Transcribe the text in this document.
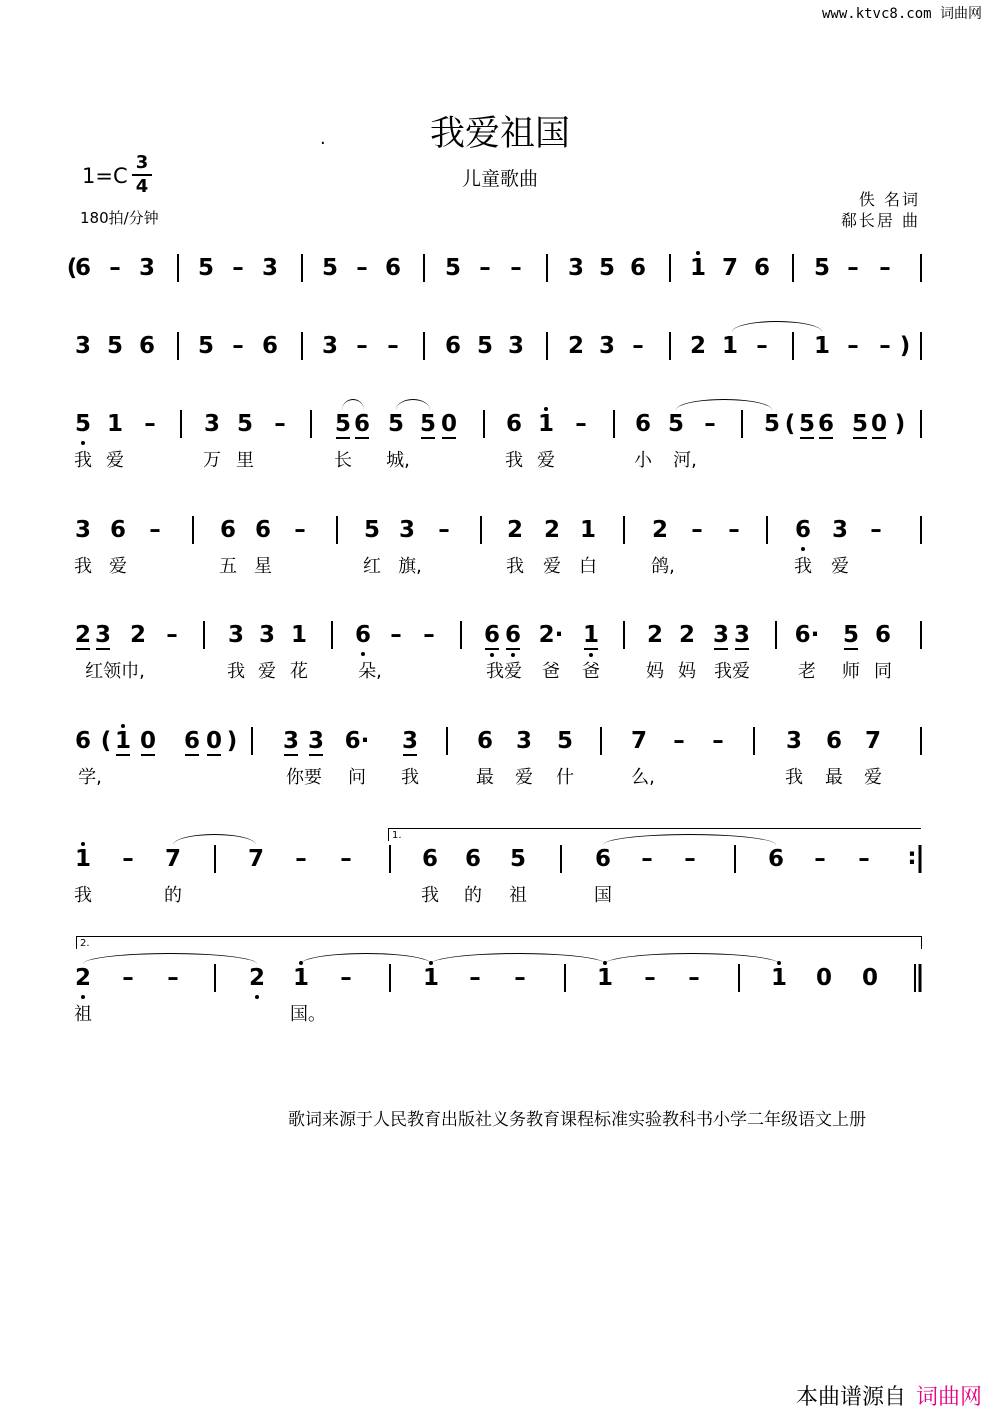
www.ktvc8.com 词曲网
.	我爱祖国
儿童歌曲
1=C
3
4
180拍/分钟
佚 名词
郗长居 曲
1.
2.
:
(
6 – 3 5 – 3 5 – 6 5 – – 3 5 6 1 7 6 5 – –
3 5 6 5 – 6 3 – – 6 5 3 2 3 – 2 1 – 1 – – )
5 1 – 3 5 – 5 6 5 5 0 6 1 – 6 5 – 5 ( 5 6 5 0 )
我 爱	万 里	长 城,	我 爱	小 河,
3 6 –	6 6 –	5 3 – 2 2 1 2 – – 6 3 –
我 爱	五 星	红 旗,	我 爱 白	鸽,	我 爱
2 3 2 – 3 3 1 6 – – 6 6 2· 1 2 2 3 3 6· 5 6
红领巾,	我 爱 花	朵,	我爱 爸 爸	妈 妈 我爱	老 师 同
6 ( 1 0 6 0 ) 3 3 6· 3	6 3 5	7 – –	3 6 7
学,	你要 问 我	最 爱 什	么,	我 最 爱
1 – 7	7 – –	6 6 5	6 – –	6 – –
我	的	我 的 祖	国
2 – –	2 1 –	1 – –	1 – –	1 0 0
祖	国。
歌词来源于人民教育出版社义务教育课程标准实验教科书小学二年级语文上册
本曲谱源自 词曲网
